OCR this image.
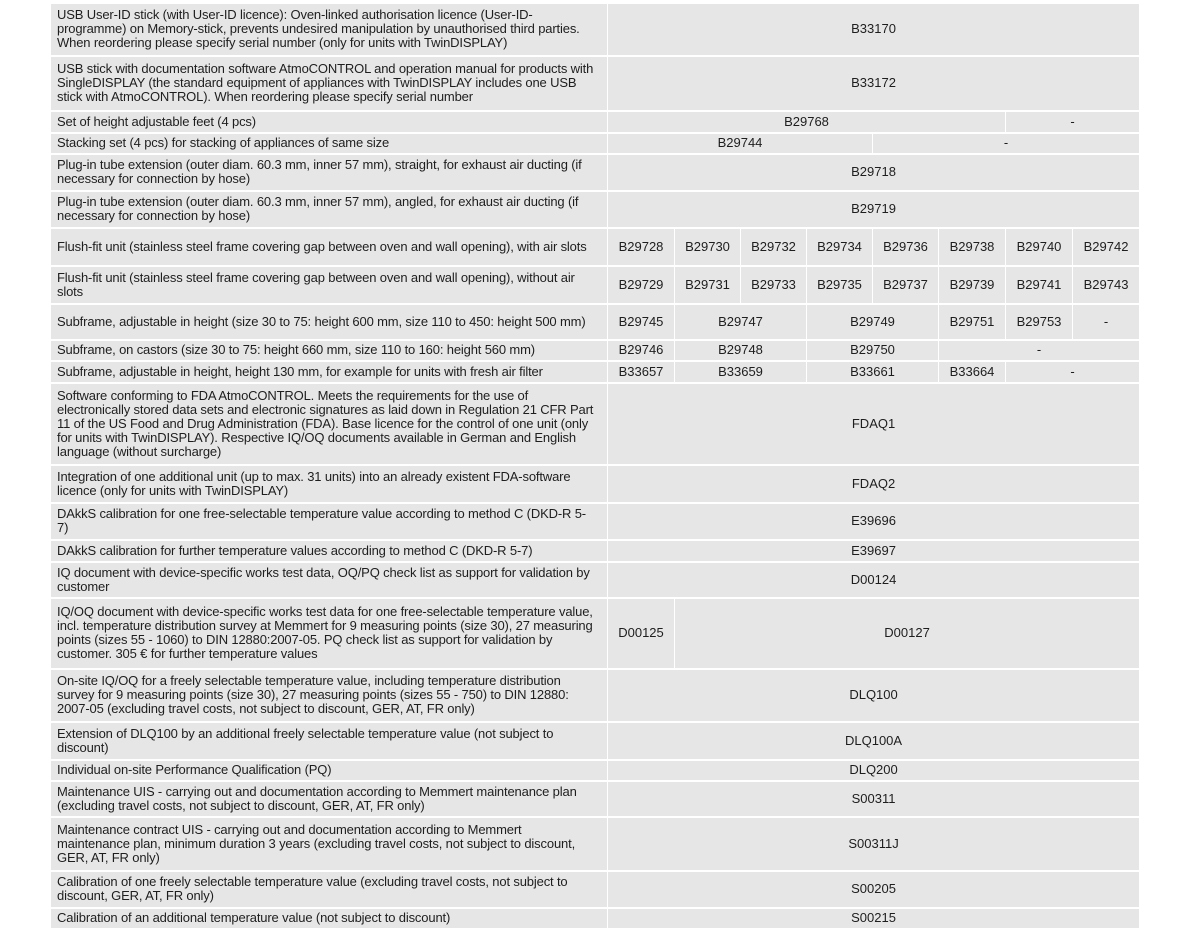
USB User-ID stick (with User-ID licence): Oven-linked authorisation licence (User-ID-programme) on Memory-stick, prevents undesired manipulation by unauthorised third parties. When reordering please specify serial number (only for units with TwinDISPLAY)	B33170							
USB stick with documentation software AtmoCONTROL and operation manual for products with SingleDISPLAY (the standard equipment of appliances with TwinDISPLAY includes one USB stick with AtmoCONTROL). When reordering please specify serial number	B33172							
Set of height adjustable feet (4 pcs)	B29768						-	
Stacking set (4 pcs) for stacking of appliances of same size	B29744				-			
Plug-in tube extension (outer diam. 60.3 mm, inner 57 mm), straight, for exhaust air ducting (if necessary for connection by hose)	B29718							
Plug-in tube extension (outer diam. 60.3 mm, inner 57 mm), angled, for exhaust air ducting (if necessary for connection by hose)	B29719							
Flush-fit unit (stainless steel frame covering gap between oven and wall opening), with air slots	B29728	B29730	B29732	B29734	B29736	B29738	B29740	B29742
Flush-fit unit (stainless steel frame covering gap between oven and wall opening), without air slots	B29729	B29731	B29733	B29735	B29737	B29739	B29741	B29743
Subframe, adjustable in height (size 30 to 75: height 600 mm, size 110 to 450: height 500 mm)	B29745	B29747		B29749		B29751	B29753	-
Subframe, on castors (size 30 to 75: height 660 mm, size 110 to 160: height 560 mm)	B29746	B29748		B29750		-		
Subframe, adjustable in height, height 130 mm, for example for units with fresh air filter	B33657	B33659		B33661		B33664	-	
Software conforming to FDA AtmoCONTROL. Meets the requirements for the use of electronically stored data sets and electronic signatures as laid down in Regulation 21 CFR Part 11 of the US Food and Drug Administration (FDA). Base licence for the control of one unit (only for units with TwinDISPLAY). Respective IQ/OQ documents available in German and English language (without surcharge)	FDAQ1							
Integration of one additional unit (up to max. 31 units) into an already existent FDA-software licence (only for units with TwinDISPLAY)	FDAQ2							
DAkkS calibration for one free-selectable temperature value according to method C (DKD-R 5-7)	E39696							
DAkkS calibration for further temperature values according to method C (DKD-R 5-7)	E39697							
IQ document with device-specific works test data, OQ/PQ check list as support for validation by customer	D00124							
IQ/OQ document with device-specific works test data for one free-selectable temperature value, incl. temperature distribution survey at Memmert for 9 measuring points (size 30), 27 measuring points (sizes 55 - 1060) to DIN 12880:2007-05. PQ check list as support for validation by customer. 305 € for further temperature values	D00125	D00127						
On-site IQ/OQ for a freely selectable temperature value, including temperature distribution survey for 9 measuring points (size 30), 27 measuring points (sizes 55 - 750) to DIN 12880: 2007-05 (excluding travel costs, not subject to discount, GER, AT, FR only)	DLQ100							
Extension of DLQ100 by an additional freely selectable temperature value (not subject to discount)	DLQ100A							
Individual on-site Performance Qualification (PQ)	DLQ200							
Maintenance UIS - carrying out and documentation according to Memmert maintenance plan (excluding travel costs, not subject to discount, GER, AT, FR only)	S00311							
Maintenance contract UIS - carrying out and documentation according to Memmert maintenance plan, minimum duration 3 years (excluding travel costs, not subject to discount, GER, AT, FR only)	S00311J							
Calibration of one freely selectable temperature value (excluding travel costs, not subject to discount, GER, AT, FR only)	S00205							
Calibration of an additional temperature value (not subject to discount)	S00215							
